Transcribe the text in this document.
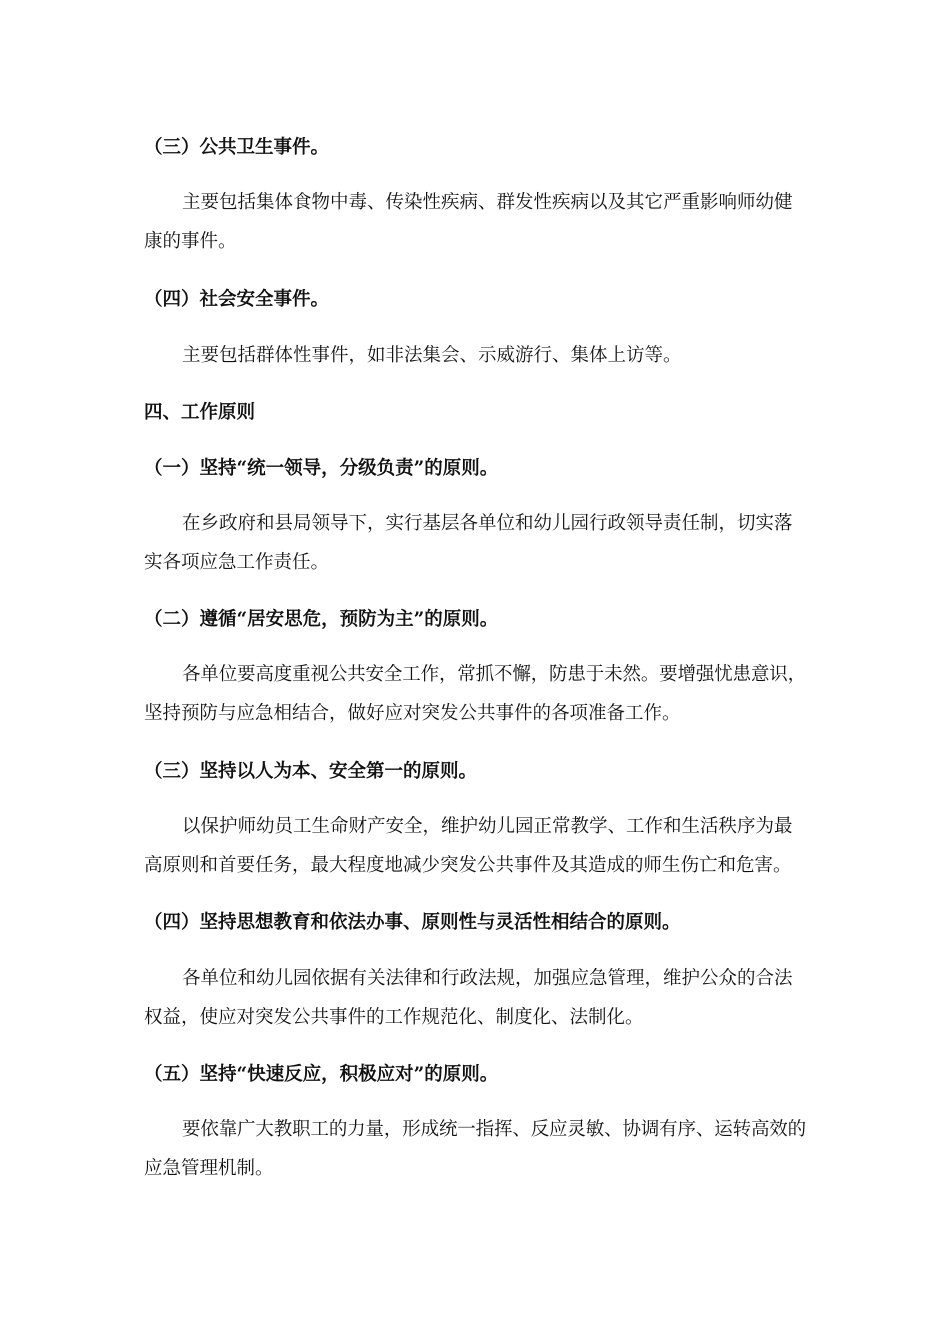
（三）公共卫生事件。
主要包括集体食物中毒、传染性疾病、群发性疾病以及其它严重影响师幼健
康的事件。
（四）社会安全事件。
主要包括群体性事件，如非法集会、示威游行、集体上访等。
四、工作原则
（一）坚持“统一领导，分级负责”的原则。
在乡政府和县局领导下，实行基层各单位和幼儿园行政领导责任制，切实落
实各项应急工作责任。
（二）遵循“居安思危，预防为主”的原则。
各单位要高度重视公共安全工作，常抓不懈，防患于未然。要增强忧患意识，
坚持预防与应急相结合，做好应对突发公共事件的各项准备工作。
（三）坚持以人为本、安全第一的原则。
以保护师幼员工生命财产安全，维护幼儿园正常教学、工作和生活秩序为最
高原则和首要任务，最大程度地减少突发公共事件及其造成的师生伤亡和危害。
（四）坚持思想教育和依法办事、原则性与灵活性相结合的原则。
各单位和幼儿园依据有关法律和行政法规，加强应急管理，维护公众的合法
权益，使应对突发公共事件的工作规范化、制度化、法制化。
（五）坚持“快速反应，积极应对”的原则。
要依靠广大教职工的力量，形成统一指挥、反应灵敏、协调有序、运转高效的
应急管理机制。
